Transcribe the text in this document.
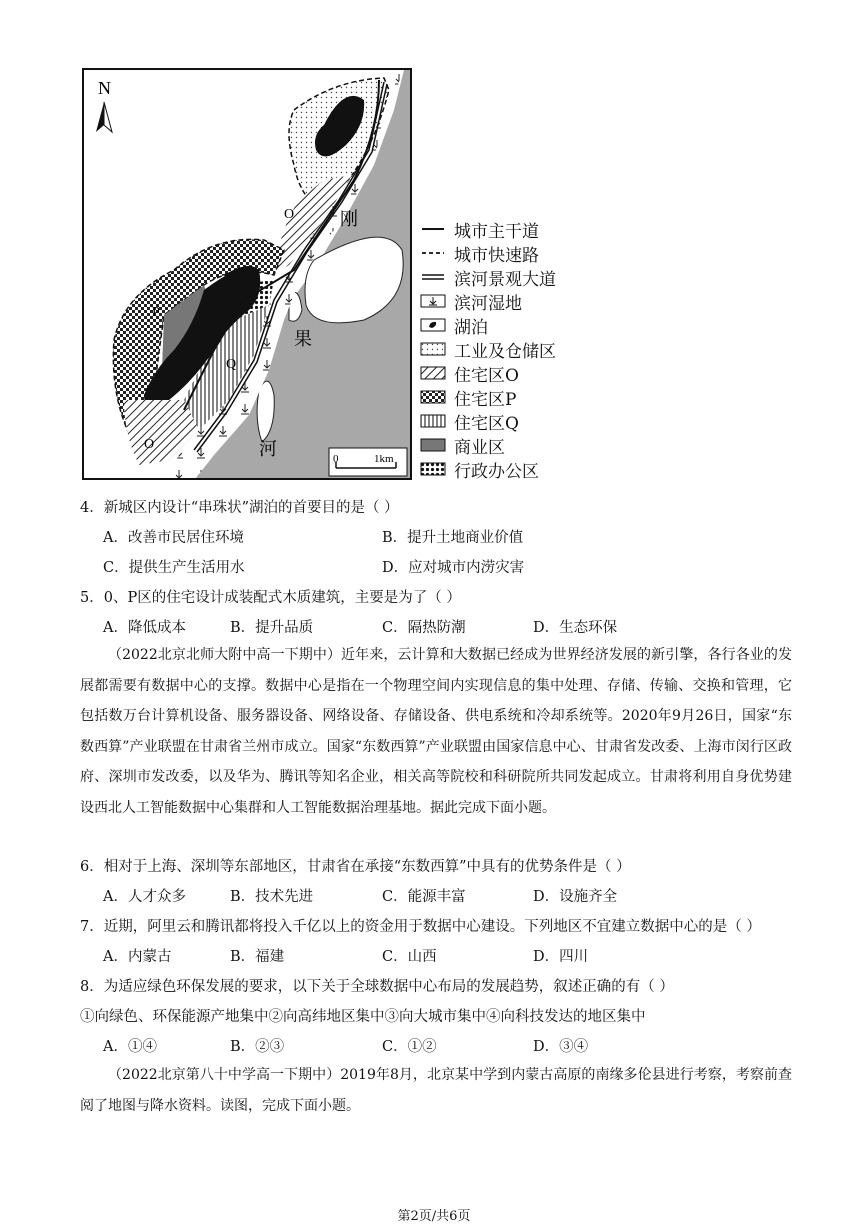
N
O
P
Q
O
刚
果
河	0	1km
城市主干道
城市快速路
滨河景观大道
滨河湿地
湖泊
工业及仓储区
住宅区O
住宅区P
住宅区Q
商业区
行政办公区
4．新城区内设计“串珠状”湖泊的首要目的是（ ）
A．改善市民居住环境	B．提升土地商业价值
C．提供生产生活用水	D．应对城市内涝灾害
5．0、P区的住宅设计成装配式木质建筑，主要是为了（ ）
A．降低成本	B．提升品质	C．隔热防潮	D．生态环保
（2022北京北师大附中高一下期中）近年来，云计算和大数据已经成为世界经济发展的新引擎，各行各业的发展都需要有数据中心的支撑。数据中心是指在一个物理空间内实现信息的集中处理、存储、传输、交换和管理，它包括数万台计算机设备、服务器设备、网络设备、存储设备、供电系统和冷却系统等。2020年9月26日，国家“东数西算”产业联盟在甘肃省兰州市成立。国家“东数西算”产业联盟由国家信息中心、甘肃省发改委、上海市闵行区政府、深圳市发改委，以及华为、腾讯等知名企业，相关高等院校和科研院所共同发起成立。甘肃将利用自身优势建设西北人工智能数据中心集群和人工智能数据治理基地。据此完成下面小题。
6．相对于上海、深圳等东部地区，甘肃省在承接“东数西算”中具有的优势条件是（ ）
A．人才众多	B．技术先进	C．能源丰富	D．设施齐全
7．近期，阿里云和腾讯都将投入千亿以上的资金用于数据中心建设。下列地区不宜建立数据中心的是（ ）
A．内蒙古	B．福建	C．山西	D．四川
8．为适应绿色环保发展的要求，以下关于全球数据中心布局的发展趋势，叙述正确的有（ ）
①向绿色、环保能源产地集中②向高纬地区集中③向大城市集中④向科技发达的地区集中
A．①④	B．②③	C．①②	D．③④
（2022北京第八十中学高一下期中）2019年8月，北京某中学到内蒙古高原的南缘多伦县进行考察，考察前查阅了地图与降水资料。读图，完成下面小题。
第2页/共6页
